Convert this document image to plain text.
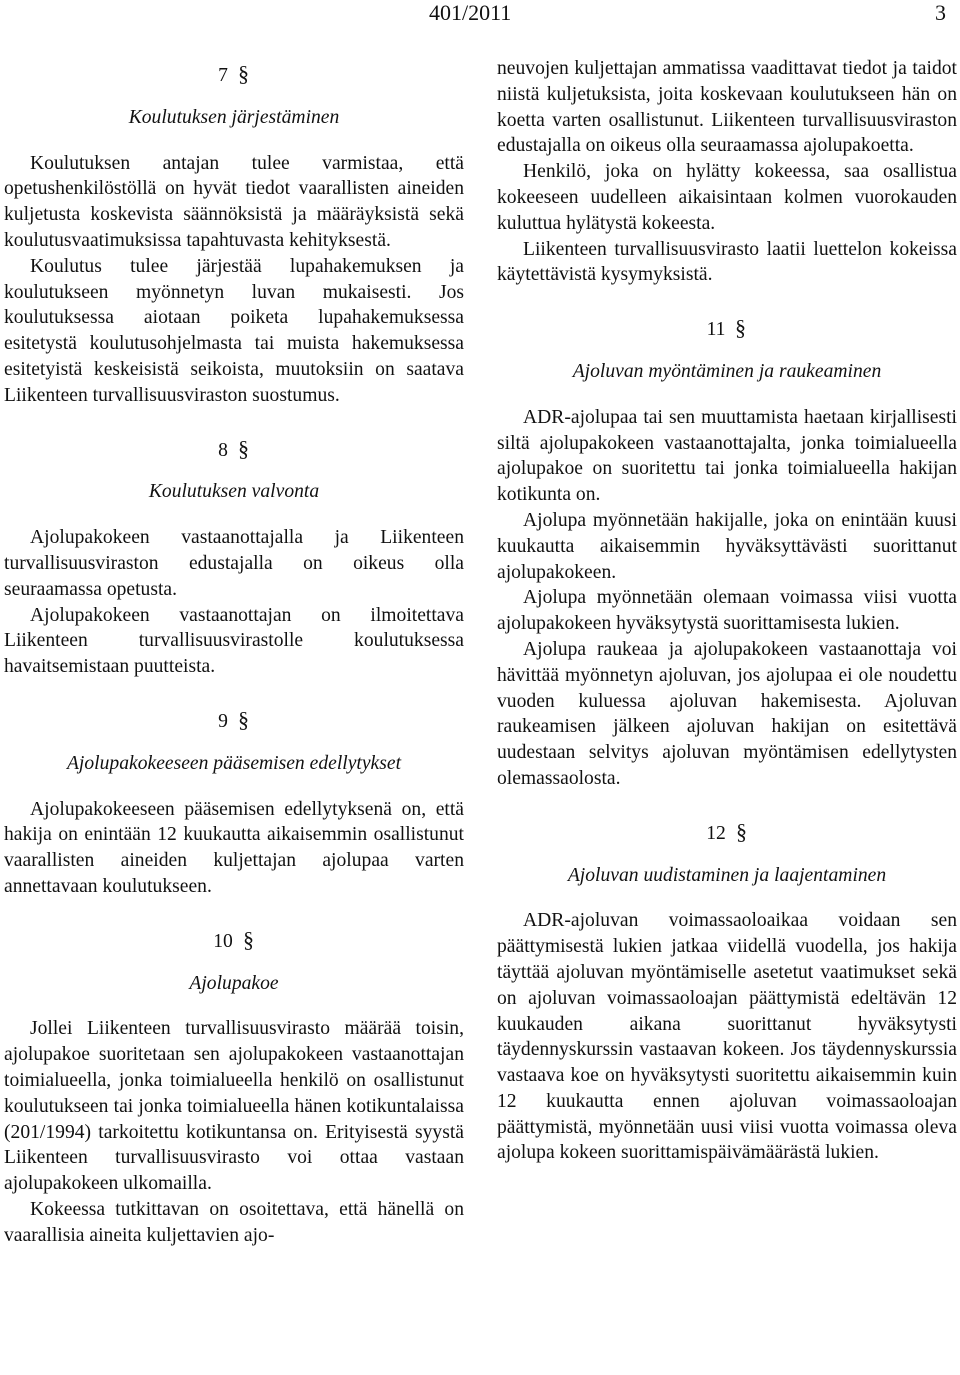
401/2011	3
7 §
Koulutuksen järjestäminen

Koulutuksen antajan tulee varmistaa, että opetushenkilöstöllä on hyvät tiedot vaarallisten aineiden kuljetusta koskevista säännöksistä ja määräyksistä sekä koulutusvaatimuksissa tapahtuvasta kehityksestä.

Koulutus tulee järjestää lupahakemuksen ja koulutukseen myönnetyn luvan mukaisesti. Jos koulutuksessa aiotaan poiketa lupahakemuksessa esitetystä koulutusohjelmasta tai muista hakemuksessa esitetyistä keskeisistä seikoista, muutoksiin on saatava Liikenteen turvallisuusviraston suostumus.

8 §
Koulutuksen valvonta

Ajolupakokeen vastaanottajalla ja Liikenteen turvallisuusviraston edustajalla on oikeus olla seuraamassa opetusta.

Ajolupakokeen vastaanottajan on ilmoitettava Liikenteen turvallisuusvirastolle koulutuksessa havaitsemistaan puutteista.

9 §
Ajolupakokeeseen pääsemisen edellytykset

Ajolupakokeeseen pääsemisen edellytyksenä on, että hakija on enintään 12 kuukautta aikaisemmin osallistunut vaarallisten aineiden kuljettajan ajolupaa varten annettavaan koulutukseen.

10 §
Ajolupakoe

Jollei Liikenteen turvallisuusvirasto määrää toisin, ajolupakoe suoritetaan sen ajolupakokeen vastaanottajan toimialueella, jonka toimialueella henkilö on osallistunut koulutukseen tai jonka toimialueella hänen kotikuntalaissa (201/1994) tarkoitettu kotikuntansa on. Erityisestä syystä Liikenteen turvallisuusvirasto voi ottaa vastaan ajolupakokeen ulkomailla.

Kokeessa tutkittavan on osoitettava, että hänellä on vaarallisia aineita kuljettavien ajo-

neuvojen kuljettajan ammatissa vaadittavat tiedot ja taidot niistä kuljetuksista, joita koskevaan koulutukseen hän on koetta varten osallistunut. Liikenteen turvallisuusviraston edustajalla on oikeus olla seuraamassa ajolupakoetta.

Henkilö, joka on hylätty kokeessa, saa osallistua kokeeseen uudelleen aikaisintaan kolmen vuorokauden kuluttua hylätystä kokeesta.

Liikenteen turvallisuusvirasto laatii luettelon kokeissa käytettävistä kysymyksistä.

11 §
Ajoluvan myöntäminen ja raukeaminen

ADR-ajolupaa tai sen muuttamista haetaan kirjallisesti siltä ajolupakokeen vastaanottajalta, jonka toimialueella ajolupakoe on suoritettu tai jonka toimialueella hakijan kotikunta on.

Ajolupa myönnetään hakijalle, joka on enintään kuusi kuukautta aikaisemmin hyväksyttävästi suorittanut ajolupakokeen.

Ajolupa myönnetään olemaan voimassa viisi vuotta ajolupakokeen hyväksytystä suorittamisesta lukien.

Ajolupa raukeaa ja ajolupakokeen vastaanottaja voi hävittää myönnetyn ajoluvan, jos ajolupaa ei ole noudettu vuoden kuluessa ajoluvan hakemisesta. Ajoluvan raukeamisen jälkeen ajoluvan hakijan on esitettävä uudestaan selvitys ajoluvan myöntämisen edellytysten olemassaolosta.

12 §
Ajoluvan uudistaminen ja laajentaminen

ADR-ajoluvan voimassaoloaikaa voidaan sen päättymisestä lukien jatkaa viidellä vuodella, jos hakija täyttää ajoluvan myöntämiselle asetetut vaatimukset sekä on ajoluvan voimassaoloajan päättymistä edeltävän 12 kuukauden aikana suorittanut hyväksytysti täydennyskurssin vastaavan kokeen. Jos täydennyskurssia vastaava koe on hyväksytysti suoritettu aikaisemmin kuin 12 kuukautta ennen ajoluvan voimassaoloajan päättymistä, myönnetään uusi viisi vuotta voimassa oleva ajolupa kokeen suorittamispäivämäärästä lukien.
